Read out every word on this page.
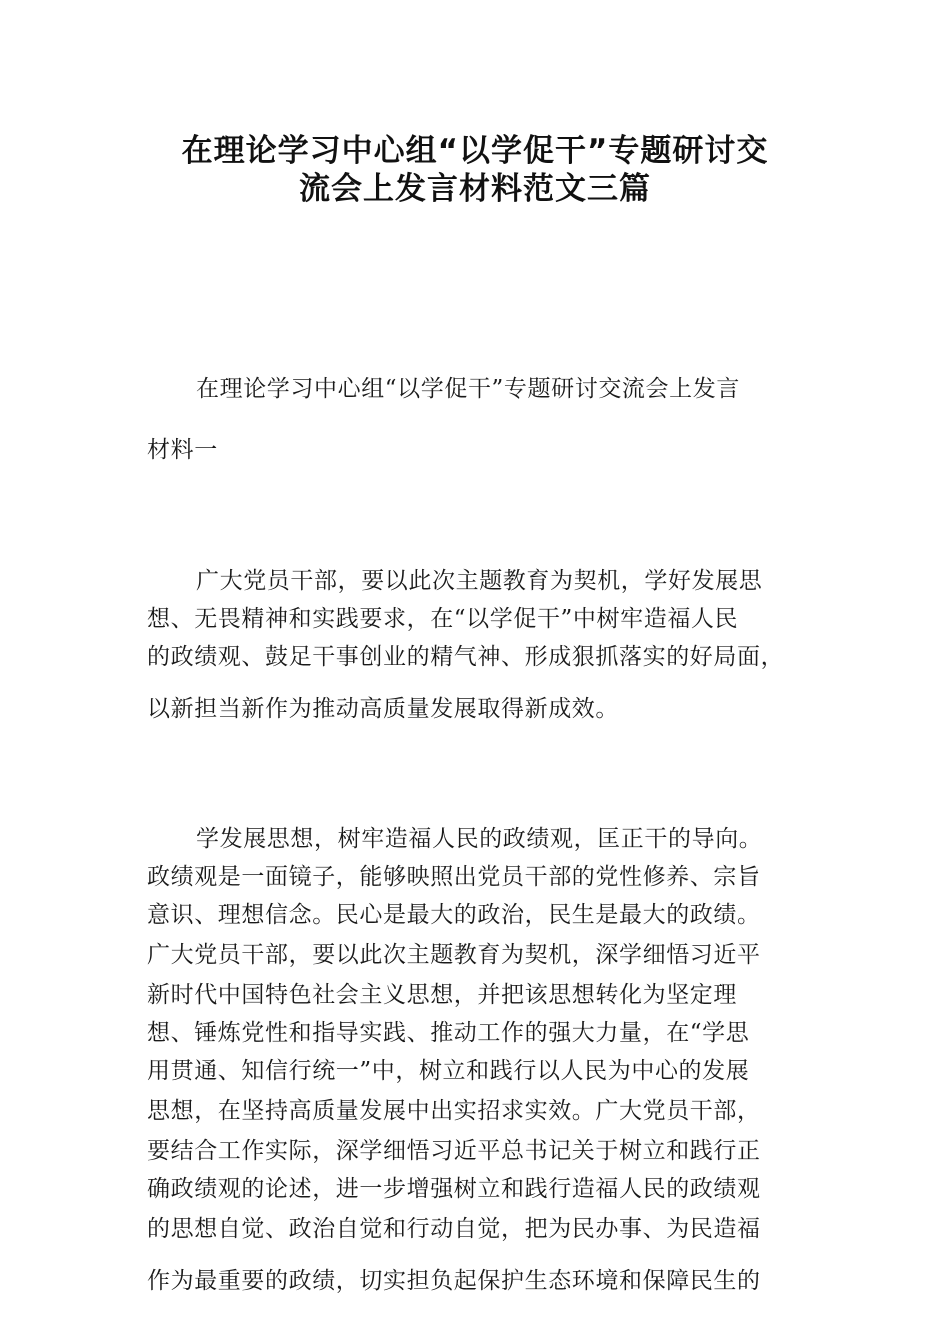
在理论学习中心组“以学促干”专题研讨交
流会上发言材料范文三篇
在理论学习中心组“以学促干”专题研讨交流会上发言
材料一
广大党员干部，要以此次主题教育为契机，学好发展思
想、无畏精神和实践要求，在“以学促干”中树牢造福人民
的政绩观、鼓足干事创业的精气神、形成狠抓落实的好局面，
以新担当新作为推动高质量发展取得新成效。
学发展思想，树牢造福人民的政绩观，匡正干的导向。
政绩观是一面镜子，能够映照出党员干部的党性修养、宗旨
意识、理想信念。民心是最大的政治，民生是最大的政绩。
广大党员干部，要以此次主题教育为契机，深学细悟习近平
新时代中国特色社会主义思想，并把该思想转化为坚定理
想、锤炼党性和指导实践、推动工作的强大力量，在“学思
用贯通、知信行统一”中，树立和践行以人民为中心的发展
思想，在坚持高质量发展中出实招求实效。广大党员干部，
要结合工作实际，深学细悟习近平总书记关于树立和践行正
确政绩观的论述，进一步增强树立和践行造福人民的政绩观
的思想自觉、政治自觉和行动自觉，把为民办事、为民造福
作为最重要的政绩，切实担负起保护生态环境和保障民生的
